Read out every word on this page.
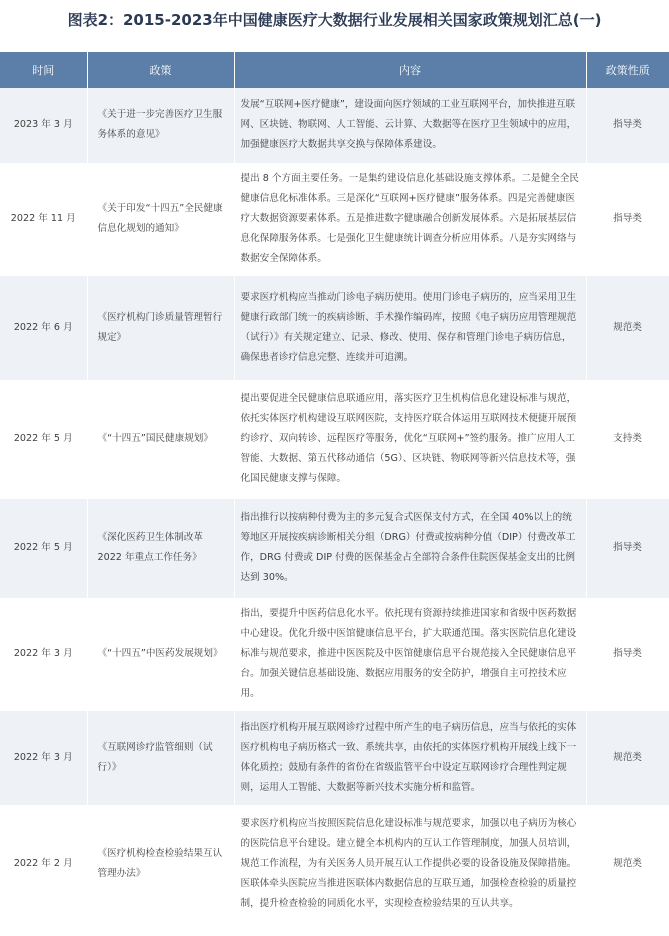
图表2：2015-2023年中国健康医疗大数据行业发展相关国家政策规划汇总(一)
时间	政策	内容	政策性质
2023 年 3 月	《关于进一步完善医疗卫生服务体系的意见》	发展“互联网+医疗健康”，建设面向医疗领域的工业互联网平台，加快推进互联网、区块链、物联网、人工智能、云计算、大数据等在医疗卫生领域中的应用，加强健康医疗大数据共享交换与保障体系建设。	指导类
2022 年 11 月	《关于印发“十四五”全民健康信息化规划的通知》	提出 8 个方面主要任务。一是集约建设信息化基础设施支撑体系。二是健全全民健康信息化标准体系。三是深化“互联网+医疗健康”服务体系。四是完善健康医疗大数据资源要素体系。五是推进数字健康融合创新发展体系。六是拓展基层信息化保障服务体系。七是强化卫生健康统计调查分析应用体系。八是夯实网络与数据安全保障体系。	指导类
2022 年 6 月	《医疗机构门诊质量管理暂行规定》	要求医疗机构应当推动门诊电子病历使用。使用门诊电子病历的，应当采用卫生健康行政部门统一的疾病诊断、手术操作编码库，按照《电子病历应用管理规范（试行）》有关规定建立、记录、修改、使用、保存和管理门诊电子病历信息，确保患者诊疗信息完整、连续并可追溯。	规范类
2022 年 5 月	《“十四五”国民健康规划》	提出要促进全民健康信息联通应用，落实医疗卫生机构信息化建设标准与规范，依托实体医疗机构建设互联网医院，支持医疗联合体运用互联网技术便捷开展预约诊疗、双向转诊、远程医疗等服务，优化“互联网+”签约服务。推广应用人工智能、大数据、第五代移动通信（5G）、区块链、物联网等新兴信息技术等，强化国民健康支撑与保障。	支持类
2022 年 5 月	《深化医药卫生体制改革 2022 年重点工作任务》	指出推行以按病种付费为主的多元复合式医保支付方式，在全国 40%以上的统筹地区开展按疾病诊断相关分组（DRG）付费或按病种分值（DIP）付费改革工作，DRG 付费或 DIP 付费的医保基金占全部符合条件住院医保基金支出的比例达到 30%。	指导类
2022 年 3 月	《“十四五”中医药发展规划》	指出，要提升中医药信息化水平。依托现有资源持续推进国家和省级中医药数据中心建设。优化升级中医馆健康信息平台，扩大联通范围。落实医院信息化建设标准与规范要求，推进中医医院及中医馆健康信息平台规范接入全民健康信息平台。加强关键信息基础设施、数据应用服务的安全防护，增强自主可控技术应用。	指导类
2022 年 3 月	《互联网诊疗监管细则（试行）》	指出医疗机构开展互联网诊疗过程中所产生的电子病历信息，应当与依托的实体医疗机构电子病历格式一致、系统共享，由依托的实体医疗机构开展线上线下一体化质控；鼓励有条件的省份在省级监管平台中设定互联网诊疗合理性判定规则，运用人工智能、大数据等新兴技术实施分析和监管。	规范类
2022 年 2 月	《医疗机构检查检验结果互认管理办法》	要求医疗机构应当按照医院信息化建设标准与规范要求，加强以电子病历为核心的医院信息平台建设。建立健全本机构内的互认工作管理制度，加强人员培训，规范工作流程，为有关医务人员开展互认工作提供必要的设备设施及保障措施。医联体牵头医院应当推进医联体内数据信息的互联互通，加强检查检验的质量控制，提升检查检验的同质化水平，实现检查检验结果的互认共享。	规范类
